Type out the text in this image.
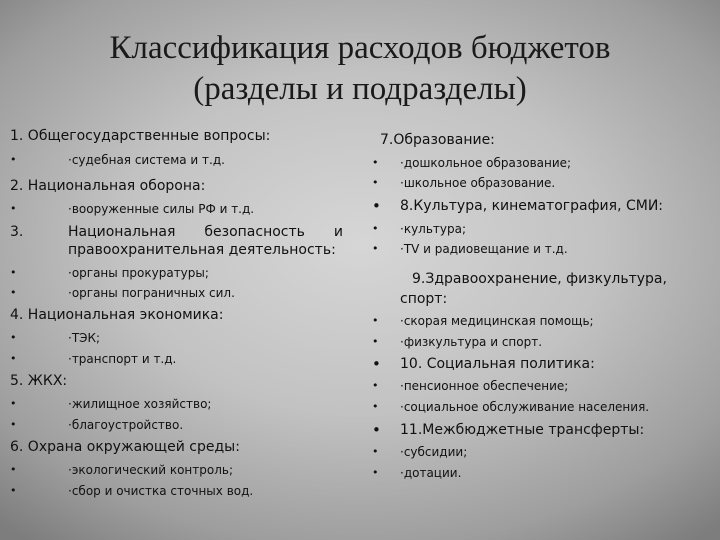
Классификация расходов бюджетов
(разделы и подразделы)
1. Общегосударственные вопросы:
•	·судебная система и т.д.
2. Национальная оборона:
•	·вооруженные силы РФ и т.д.
3.	Национальная безопасность и
правоохранительная деятельность:
•	·органы прокуратуры;
•	·органы пограничных сил.
4. Национальная экономика:
•	·ТЭК;
•	·транспорт и т.д.
5. ЖКХ:
•	·жилищное хозяйство;
•	·благоустройство.
6. Охрана окружающей среды:
•	·экологический контроль;
•	·сбор и очистка сточных вод.
7.Образование:
•	·дошкольное образование;
•	·школьное образование.
•	8.Культура, кинематография, СМИ:
•	·культура;
•	·TV и радиовещание и т.д.
9.Здравоохранение, физкультура,
спорт:
•	·скорая медицинская помощь;
•	·физкультура и спорт.
•	10. Социальная политика:
•	·пенсионное обеспечение;
•	·социальное обслуживание населения.
•	11.Межбюджетные трансферты:
•	·субсидии;
•	·дотации.
